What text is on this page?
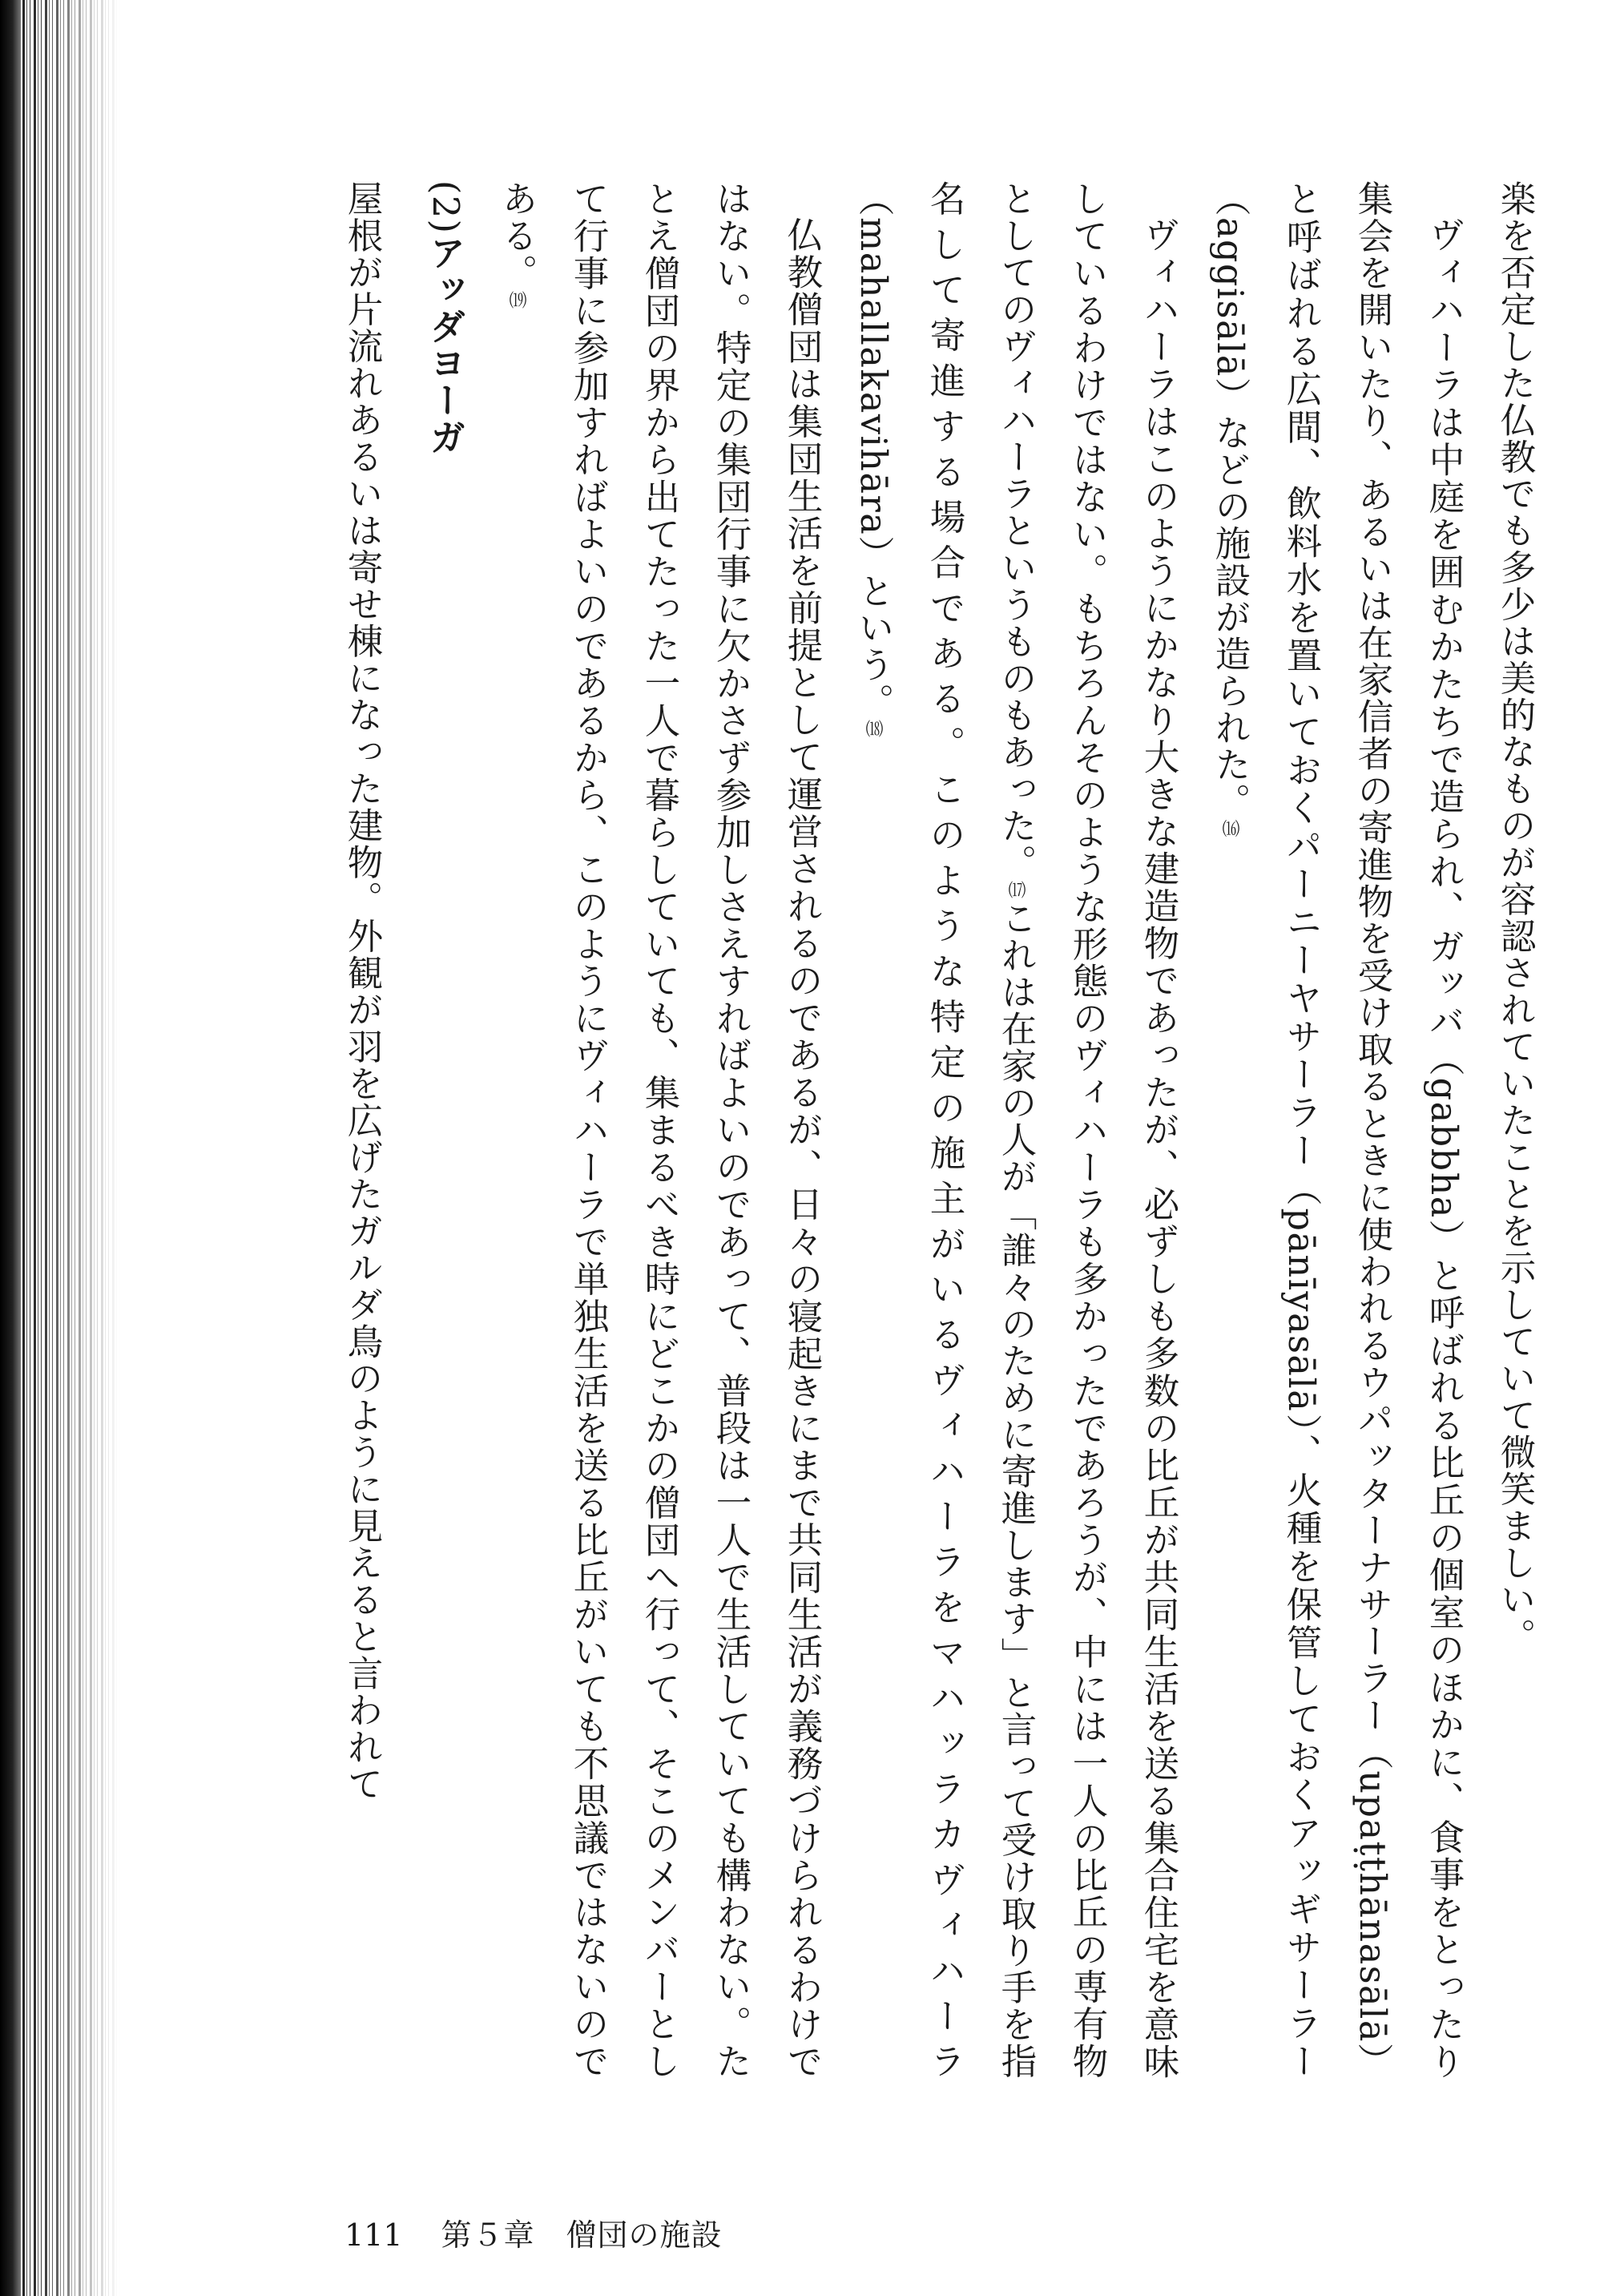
楽を否定した仏教でも多少は美的なものが容認されていたことを示していて微笑ましい。

ヴィハーラは中庭を囲むかたちで造られ、ガッバ（gabbha）と呼ばれる比丘の個室のほかに、食事をとったり集会を開いたり、あるいは在家信者の寄進物を受け取るときに使われるウパッターナサーラー（upaṭṭhānasālā）と呼ばれる広間、飲料水を置いておくパーニーヤサーラー（pānīyasālā）、火種を保管しておくアッギサーラー（aggisālā）などの施設が造られた。⒃

ヴィハーラはこのようにかなり大きな建造物であったが、必ずしも多数の比丘が共同生活を送る集合住宅を意味しているわけではない。もちろんそのような形態のヴィハーラも多かったであろうが、中には一人の比丘の専有物としてのヴィハーラというものもあった。⒄これは在家の人が「誰々のために寄進します」と言って受け取り手を指名して寄進する場合である。このような特定の施主がいるヴィハーラをマハッラカヴィハーラ（mahallakavihāra）という。⒅

仏教僧団は集団生活を前提として運営されるのであるが、日々の寝起きにまで共同生活が義務づけられるわけではない。特定の集団行事に欠かさず参加しさえすればよいのであって、普段は一人で生活していても構わない。たとえ僧団の界から出てたった一人で暮らしていても、集まるべき時にどこかの僧団へ行って、そこのメンバーとして行事に参加すればよいのであるから、このようにヴィハーラで単独生活を送る比丘がいても不思議ではないのである。⒆

(2)アッダヨーガ

屋根が片流れあるいは寄せ棟になった建物。外観が羽を広げたガルダ鳥のように見えると言われて

111 第５章　僧団の施設
